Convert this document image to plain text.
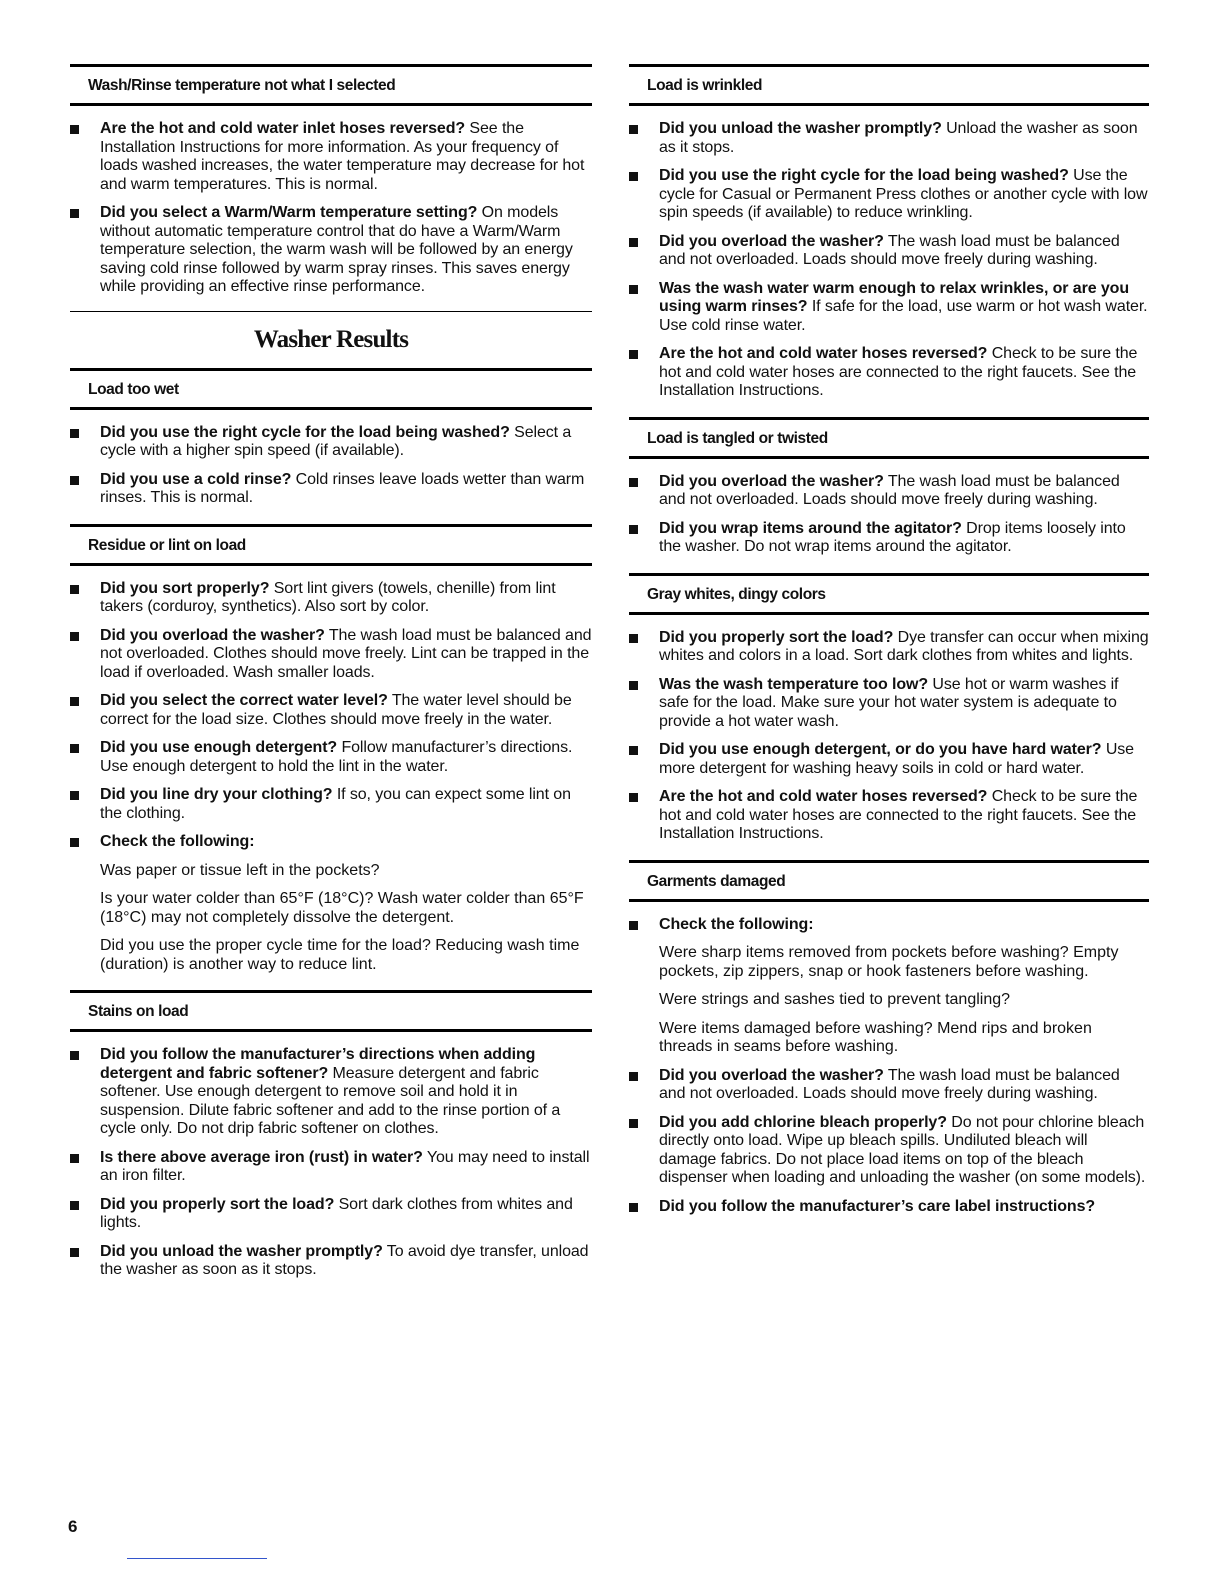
Wash/Rinse temperature not what I selected
Are the hot and cold water inlet hoses reversed? See the Installation Instructions for more information. As your frequency of loads washed increases, the water temperature may decrease for hot and warm temperatures. This is normal.
Did you select a Warm/Warm temperature setting? On models without automatic temperature control that do have a Warm/Warm temperature selection, the warm wash will be followed by an energy saving cold rinse followed by warm spray rinses. This saves energy while providing an effective rinse performance.
Washer Results
Load too wet
Did you use the right cycle for the load being washed? Select a cycle with a higher spin speed (if available).
Did you use a cold rinse? Cold rinses leave loads wetter than warm rinses. This is normal.
Residue or lint on load
Did you sort properly? Sort lint givers (towels, chenille) from lint takers (corduroy, synthetics). Also sort by color.
Did you overload the washer? The wash load must be balanced and not overloaded. Clothes should move freely. Lint can be trapped in the load if overloaded. Wash smaller loads.
Did you select the correct water level? The water level should be correct for the load size. Clothes should move freely in the water.
Did you use enough detergent? Follow manufacturer’s directions. Use enough detergent to hold the lint in the water.
Did you line dry your clothing? If so, you can expect some lint on the clothing.
Check the following:
Was paper or tissue left in the pockets?
Is your water colder than 65°F (18°C)? Wash water colder than 65°F (18°C) may not completely dissolve the detergent.
Did you use the proper cycle time for the load? Reducing wash time (duration) is another way to reduce lint.
Stains on load
Did you follow the manufacturer’s directions when adding detergent and fabric softener? Measure detergent and fabric softener. Use enough detergent to remove soil and hold it in suspension. Dilute fabric softener and add to the rinse portion of a cycle only. Do not drip fabric softener on clothes.
Is there above average iron (rust) in water? You may need to install an iron filter.
Did you properly sort the load? Sort dark clothes from whites and lights.
Did you unload the washer promptly? To avoid dye transfer, unload the washer as soon as it stops.
Load is wrinkled
Did you unload the washer promptly? Unload the washer as soon as it stops.
Did you use the right cycle for the load being washed? Use the cycle for Casual or Permanent Press clothes or another cycle with low spin speeds (if available) to reduce wrinkling.
Did you overload the washer? The wash load must be balanced and not overloaded. Loads should move freely during washing.
Was the wash water warm enough to relax wrinkles, or are you using warm rinses? If safe for the load, use warm or hot wash water. Use cold rinse water.
Are the hot and cold water hoses reversed? Check to be sure the hot and cold water hoses are connected to the right faucets. See the Installation Instructions.
Load is tangled or twisted
Did you overload the washer? The wash load must be balanced and not overloaded. Loads should move freely during washing.
Did you wrap items around the agitator? Drop items loosely into the washer. Do not wrap items around the agitator.
Gray whites, dingy colors
Did you properly sort the load? Dye transfer can occur when mixing whites and colors in a load. Sort dark clothes from whites and lights.
Was the wash temperature too low? Use hot or warm washes if safe for the load. Make sure your hot water system is adequate to provide a hot water wash.
Did you use enough detergent, or do you have hard water? Use more detergent for washing heavy soils in cold or hard water.
Are the hot and cold water hoses reversed? Check to be sure the hot and cold water hoses are connected to the right faucets. See the Installation Instructions.
Garments damaged
Check the following:
Were sharp items removed from pockets before washing? Empty pockets, zip zippers, snap or hook fasteners before washing.
Were strings and sashes tied to prevent tangling?
Were items damaged before washing? Mend rips and broken threads in seams before washing.
Did you overload the washer? The wash load must be balanced and not overloaded. Loads should move freely during washing.
Did you add chlorine bleach properly? Do not pour chlorine bleach directly onto load. Wipe up bleach spills. Undiluted bleach will damage fabrics. Do not place load items on top of the bleach dispenser when loading and unloading the washer (on some models).
Did you follow the manufacturer’s care label instructions?
6
